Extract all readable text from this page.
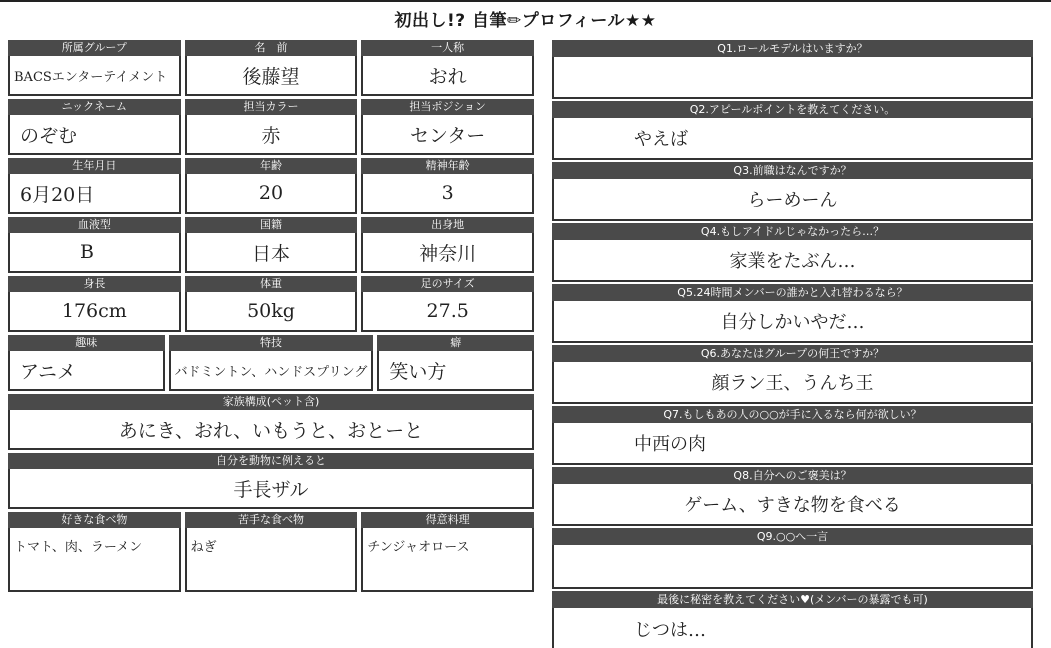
初出し!? 自筆✏プロフィール★★
所属グループ
BACSエンターテイメント
名　前
後藤望
一人称
おれ
ニックネーム
のぞむ
担当カラー
赤
担当ポジション
センター
生年月日
6月20日
年齢
20
精神年齢
3
血液型
B
国籍
日本
出身地
神奈川
身長
176cm
体重
50kg
足のサイズ
27.5
趣味
アニメ
特技
バドミントン、ハンドスプリング
癖
笑い方
家族構成(ペット含)
あにき、おれ、いもうと、おとーと
自分を動物に例えると
手長ザル
好きな食べ物
トマト、肉、ラーメン
苦手な食べ物
ねぎ
得意料理
チンジャオロース
Q1.ロールモデルはいますか？
Q2.アピールポイントを教えてください。
やえば
Q3.前職はなんですか？
らーめーん
Q4.もしアイドルじゃなかったら…？
家業をたぶん…
Q5.24時間メンバーの誰かと入れ替わるなら？
自分しかいやだ…
Q6.あなたはグループの何王ですか？
顔ラン王、うんち王
Q7.もしもあの人の○○が手に入るなら何が欲しい？
中西の肉
Q8.自分へのご褒美は？
ゲーム、すきな物を食べる
Q9.○○へ一言
最後に秘密を教えてください♥(メンバーの暴露でも可)
じつは…
